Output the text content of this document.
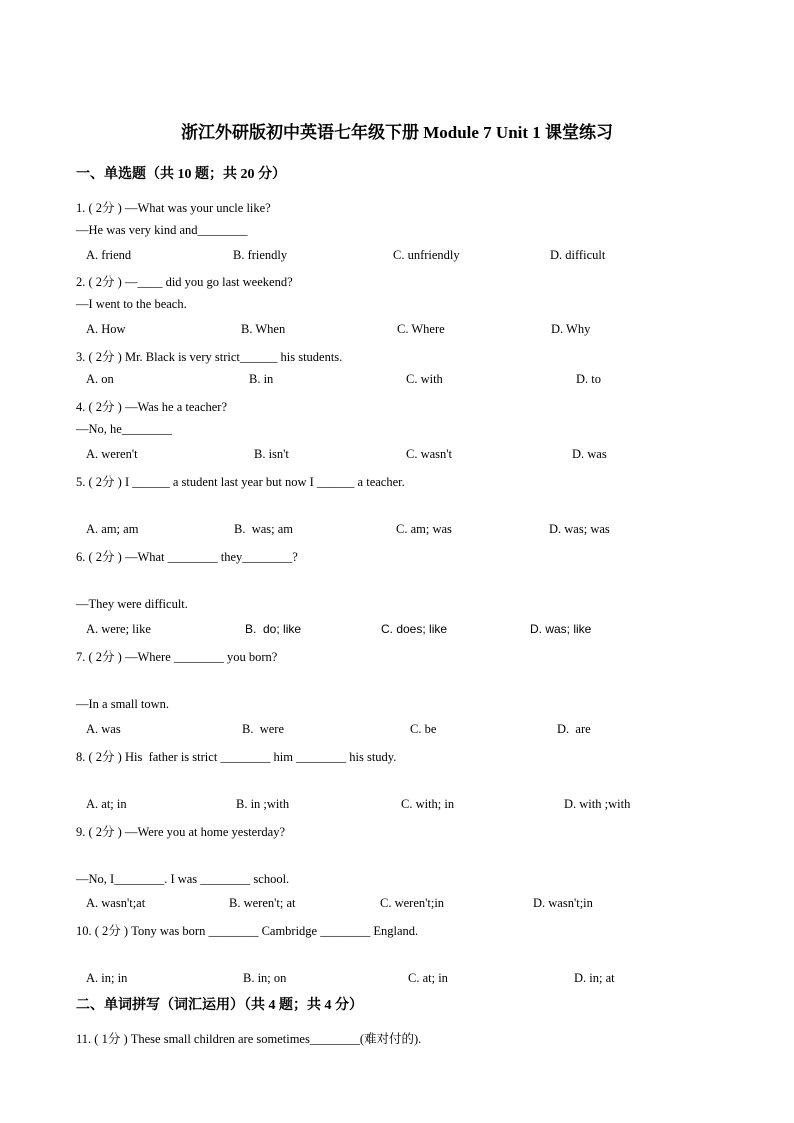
浙江外研版初中英语七年级下册 Module 7 Unit 1 课堂练习
一、单选题（共 10 题；共 20 分）
1. ( 2分 ) —What was your uncle like?
—He was very kind and________
A. friend	B. friendly	C. unfriendly	D. difficult
2. ( 2分 ) —____ did you go last weekend?
—I went to the beach.
A. How	B. When	C. Where	D. Why
3. ( 2分 ) Mr. Black is very strict______ his students.
A. on	B. in	C. with	D. to
4. ( 2分 ) —Was he a teacher?
—No, he________
A. weren't	B. isn't	C. wasn't	D. was
5. ( 2分 ) I ______ a student last year but now I ______ a teacher.
A. am; am	B.  was; am	C. am; was	D. was; was
6. ( 2分 ) —What ________ they________?
—They were difficult.
A. were; like	B.  do; like	C. does; like	D. was; like
7. ( 2分 ) —Where ________ you born?
—In a small town.
A. was	B.  were	C. be	D.  are
8. ( 2分 ) His  father is strict ________ him ________ his study.
A. at; in	B. in ;with	C. with; in	D. with ;with
9. ( 2分 ) —Were you at home yesterday?
—No, I________. I was ________ school.
A. wasn't;at	B. weren't; at	C. weren't;in	D. wasn't;in
10. ( 2分 ) Tony was born ________ Cambridge ________ England.
A. in; in	B. in; on	C. at; in	D. in; at
二、单词拼写（词汇运用）（共 4 题；共 4 分）
11. ( 1分 ) These small children are sometimes________(难对付的).
